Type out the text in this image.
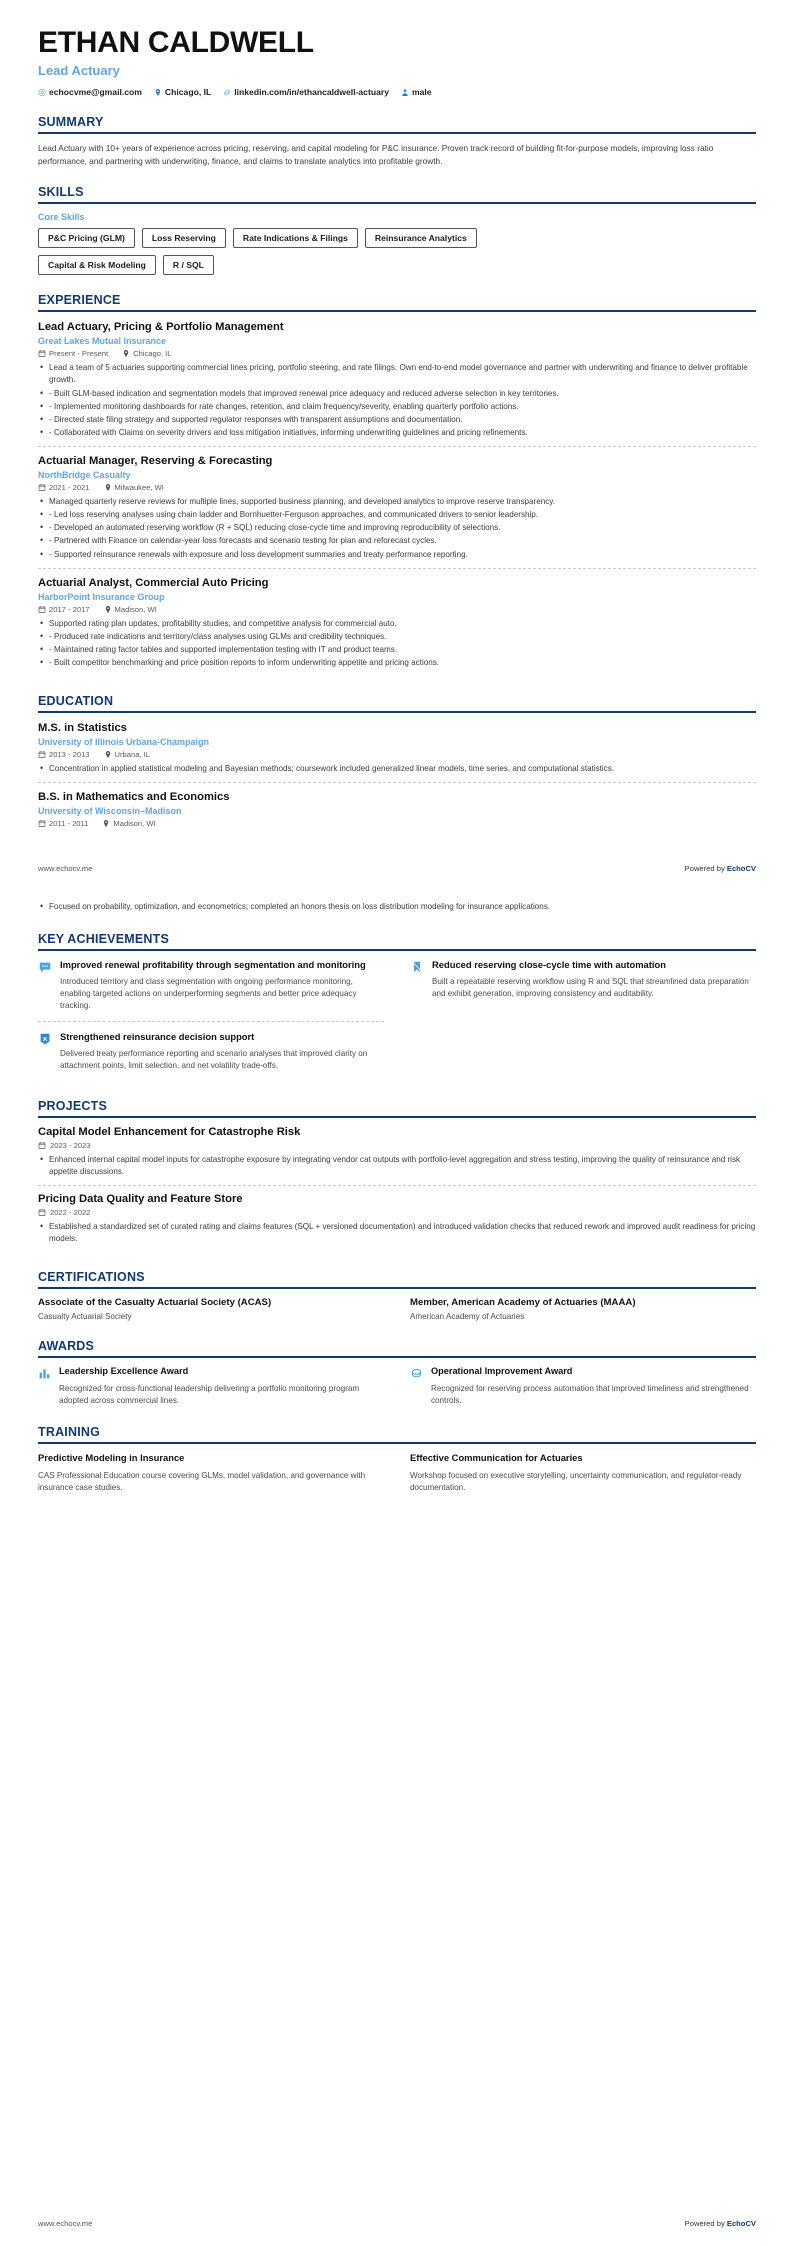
ETHAN CALDWELL
Lead Actuary
echocvme@gmail.com	Chicago, IL	linkedin.com/in/ethancaldwell-actuary	male
SUMMARY
Lead Actuary with 10+ years of experience across pricing, reserving, and capital modeling for P&C insurance. Proven track record of building fit-for-purpose models, improving loss ratio performance, and partnering with underwriting, finance, and claims to translate analytics into profitable growth.
SKILLS
Core Skills
P&C Pricing (GLM)	Loss Reserving	Rate Indications & Filings	Reinsurance Analytics
Capital & Risk Modeling	R / SQL
EXPERIENCE
Lead Actuary, Pricing & Portfolio Management
Great Lakes Mutual Insurance
Present - Present	Chicago, IL
• Lead a team of 5 actuaries supporting commercial lines pricing, portfolio steering, and rate filings. Own end-to-end model governance and partner with underwriting and finance to deliver profitable growth.
• - Built GLM-based indication and segmentation models that improved renewal price adequacy and reduced adverse selection in key territories.
• - Implemented monitoring dashboards for rate changes, retention, and claim frequency/severity, enabling quarterly portfolio actions.
• - Directed state filing strategy and supported regulator responses with transparent assumptions and documentation.
• - Collaborated with Claims on severity drivers and loss mitigation initiatives, informing underwriting guidelines and pricing refinements.
Actuarial Manager, Reserving & Forecasting
NorthBridge Casualty
2021 - 2021	Milwaukee, WI
• Managed quarterly reserve reviews for multiple lines, supported business planning, and developed analytics to improve reserve transparency.
• - Led loss reserving analyses using chain ladder and Bornhuetter-Ferguson approaches, and communicated drivers to senior leadership.
• - Developed an automated reserving workflow (R + SQL) reducing close-cycle time and improving reproducibility of selections.
• - Partnered with Finance on calendar-year loss forecasts and scenario testing for plan and reforecast cycles.
• - Supported reinsurance renewals with exposure and loss development summaries and treaty performance reporting.
Actuarial Analyst, Commercial Auto Pricing
HarborPoint Insurance Group
2017 - 2017	Madison, WI
• Supported rating plan updates, profitability studies, and competitive analysis for commercial auto.
• - Produced rate indications and territory/class analyses using GLMs and credibility techniques.
• - Maintained rating factor tables and supported implementation testing with IT and product teams.
• - Built competitor benchmarking and price position reports to inform underwriting appetite and pricing actions.
EDUCATION
M.S. in Statistics
University of Illinois Urbana-Champaign
2013 - 2013	Urbana, IL
• Concentration in applied statistical modeling and Bayesian methods; coursework included generalized linear models, time series, and computational statistics.
B.S. in Mathematics and Economics
University of Wisconsin–Madison
2011 - 2011	Madison, WI
www.echocv.me	Powered by EchoCV
• Focused on probability, optimization, and econometrics; completed an honors thesis on loss distribution modeling for insurance applications.
KEY ACHIEVEMENTS
Improved renewal profitability through segmentation and monitoring
Introduced territory and class segmentation with ongoing performance monitoring, enabling targeted actions on underperforming segments and better price adequacy tracking.
Strengthened reinsurance decision support
Delivered treaty performance reporting and scenario analyses that improved clarity on attachment points, limit selection, and net volatility trade-offs.
Reduced reserving close-cycle time with automation
Built a repeatable reserving workflow using R and SQL that streamlined data preparation and exhibit generation, improving consistency and auditability.
PROJECTS
Capital Model Enhancement for Catastrophe Risk
2023 - 2023
• Enhanced internal capital model inputs for catastrophe exposure by integrating vendor cat outputs with portfolio-level aggregation and stress testing, improving the quality of reinsurance and risk appetite discussions.
Pricing Data Quality and Feature Store
2022 - 2022
• Established a standardized set of curated rating and claims features (SQL + versioned documentation) and introduced validation checks that reduced rework and improved audit readiness for pricing models.
CERTIFICATIONS
Associate of the Casualty Actuarial Society (ACAS)
Casualty Actuarial Society
Member, American Academy of Actuaries (MAAA)
American Academy of Actuaries
AWARDS
Leadership Excellence Award
Recognized for cross-functional leadership delivering a portfolio monitoring program adopted across commercial lines.
Operational Improvement Award
Recognized for reserving process automation that improved timeliness and strengthened controls.
TRAINING
Predictive Modeling in Insurance
CAS Professional Education course covering GLMs, model validation, and governance with insurance case studies.
Effective Communication for Actuaries
Workshop focused on executive storytelling, uncertainty communication, and regulator-ready documentation.
www.echocv.me	Powered by EchoCV
